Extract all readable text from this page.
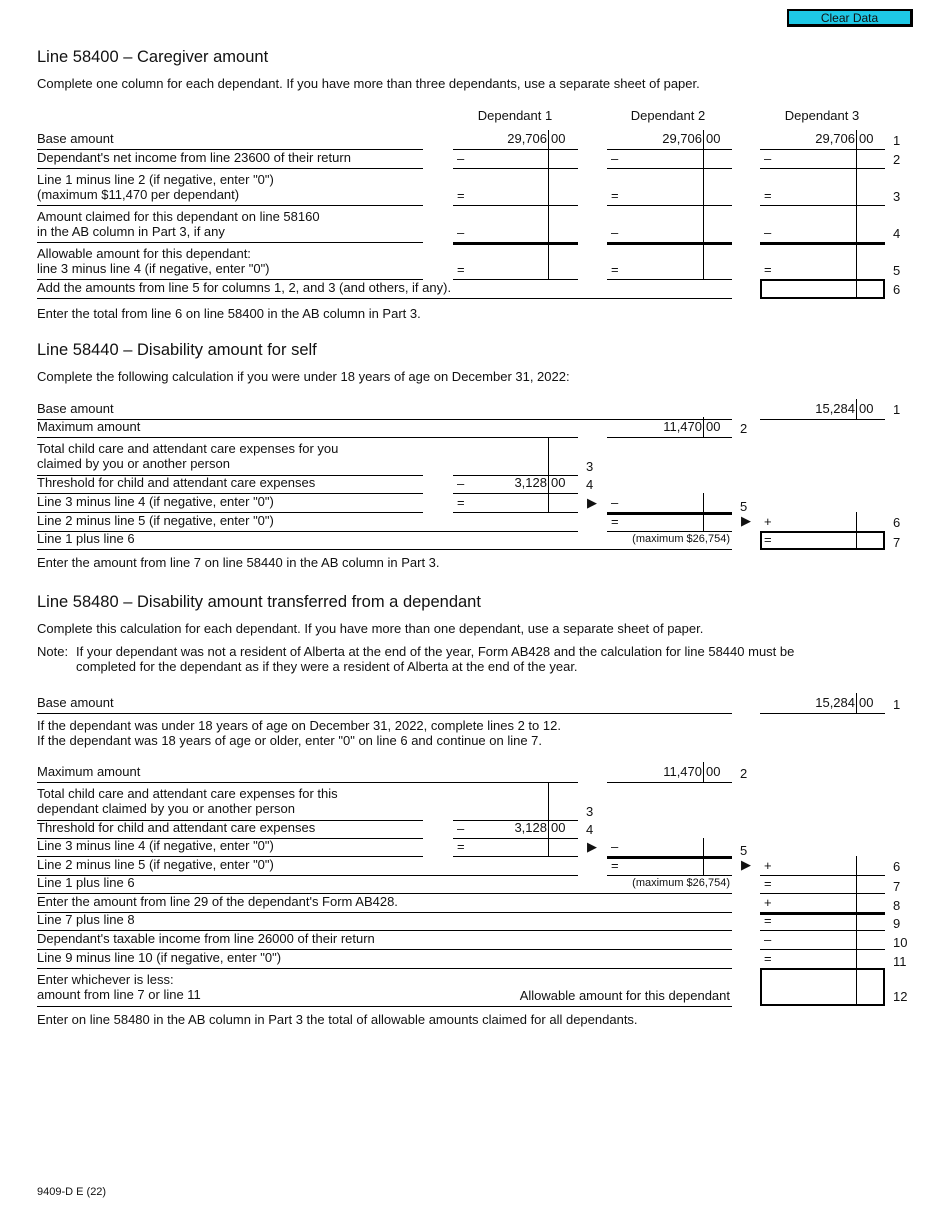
Clear Data
Line 58400 – Caregiver amount
Complete one column for each dependant. If you have more than three dependants, use a separate sheet of paper.
Dependant 1	Dependant 2	Dependant 3
Base amount	29,706 00	29,706 00	29,706 00 1
Dependant's net income from line 23600 of their return	–	–	–	2
Line 1 minus line 2 (if negative, enter "0")
(maximum $11,470 per dependant)	=	=	=	3
Amount claimed for this dependant on line 58160
in the AB column in Part 3, if any	–	–	–	4
Allowable amount for this dependant:
line 3 minus line 4 (if negative, enter "0")	=	=	=	5
Add the amounts from line 5 for columns 1, 2, and 3 (and others, if any).	6
Enter the total from line 6 on line 58400 in the AB column in Part 3.
Line 58440 – Disability amount for self
Complete the following calculation if you were under 18 years of age on December 31, 2022:
Base amount	15,284 00 1
Maximum amount	11,470 00 2
Total child care and attendant care expenses for you
claimed by you or another person	3
Threshold for child and attendant care expenses	–	3,128 00 4
Line 3 minus line 4 (if negative, enter "0")	=	▶ –	5
Line 2 minus line 5 (if negative, enter "0")	=	▶ +	6
Line 1 plus line 6	(maximum $26,754)	=	7
Enter the amount from line 7 on line 58440 in the AB column in Part 3.
Line 58480 – Disability amount transferred from a dependant
Complete this calculation for each dependant. If you have more than one dependant, use a separate sheet of paper.
Note: If your dependant was not a resident of Alberta at the end of the year, Form AB428 and the calculation for line 58440 must be
completed for the dependant as if they were a resident of Alberta at the end of the year.
Base amount	15,284 00 1
If the dependant was under 18 years of age on December 31, 2022, complete lines 2 to 12.
If the dependant was 18 years of age or older, enter "0" on line 6 and continue on line 7.
Maximum amount	11,470 00 2
Total child care and attendant care expenses for this
dependant claimed by you or another person	3
Threshold for child and attendant care expenses	–	3,128 00 4
Line 3 minus line 4 (if negative, enter "0")	=	▶ –	5
Line 2 minus line 5 (if negative, enter "0")	=	▶ +	6
Line 1 plus line 6	(maximum $26,754)	=	7
Enter the amount from line 29 of the dependant's Form AB428.	+	8
Line 7 plus line 8	=	9
Dependant's taxable income from line 26000 of their return	–	10
Line 9 minus line 10 (if negative, enter "0")	=	11
Enter whichever is less:
amount from line 7 or line 11	Allowable amount for this dependant	12
Enter on line 58480 in the AB column in Part 3 the total of allowable amounts claimed for all dependants.
9409-D E (22)
